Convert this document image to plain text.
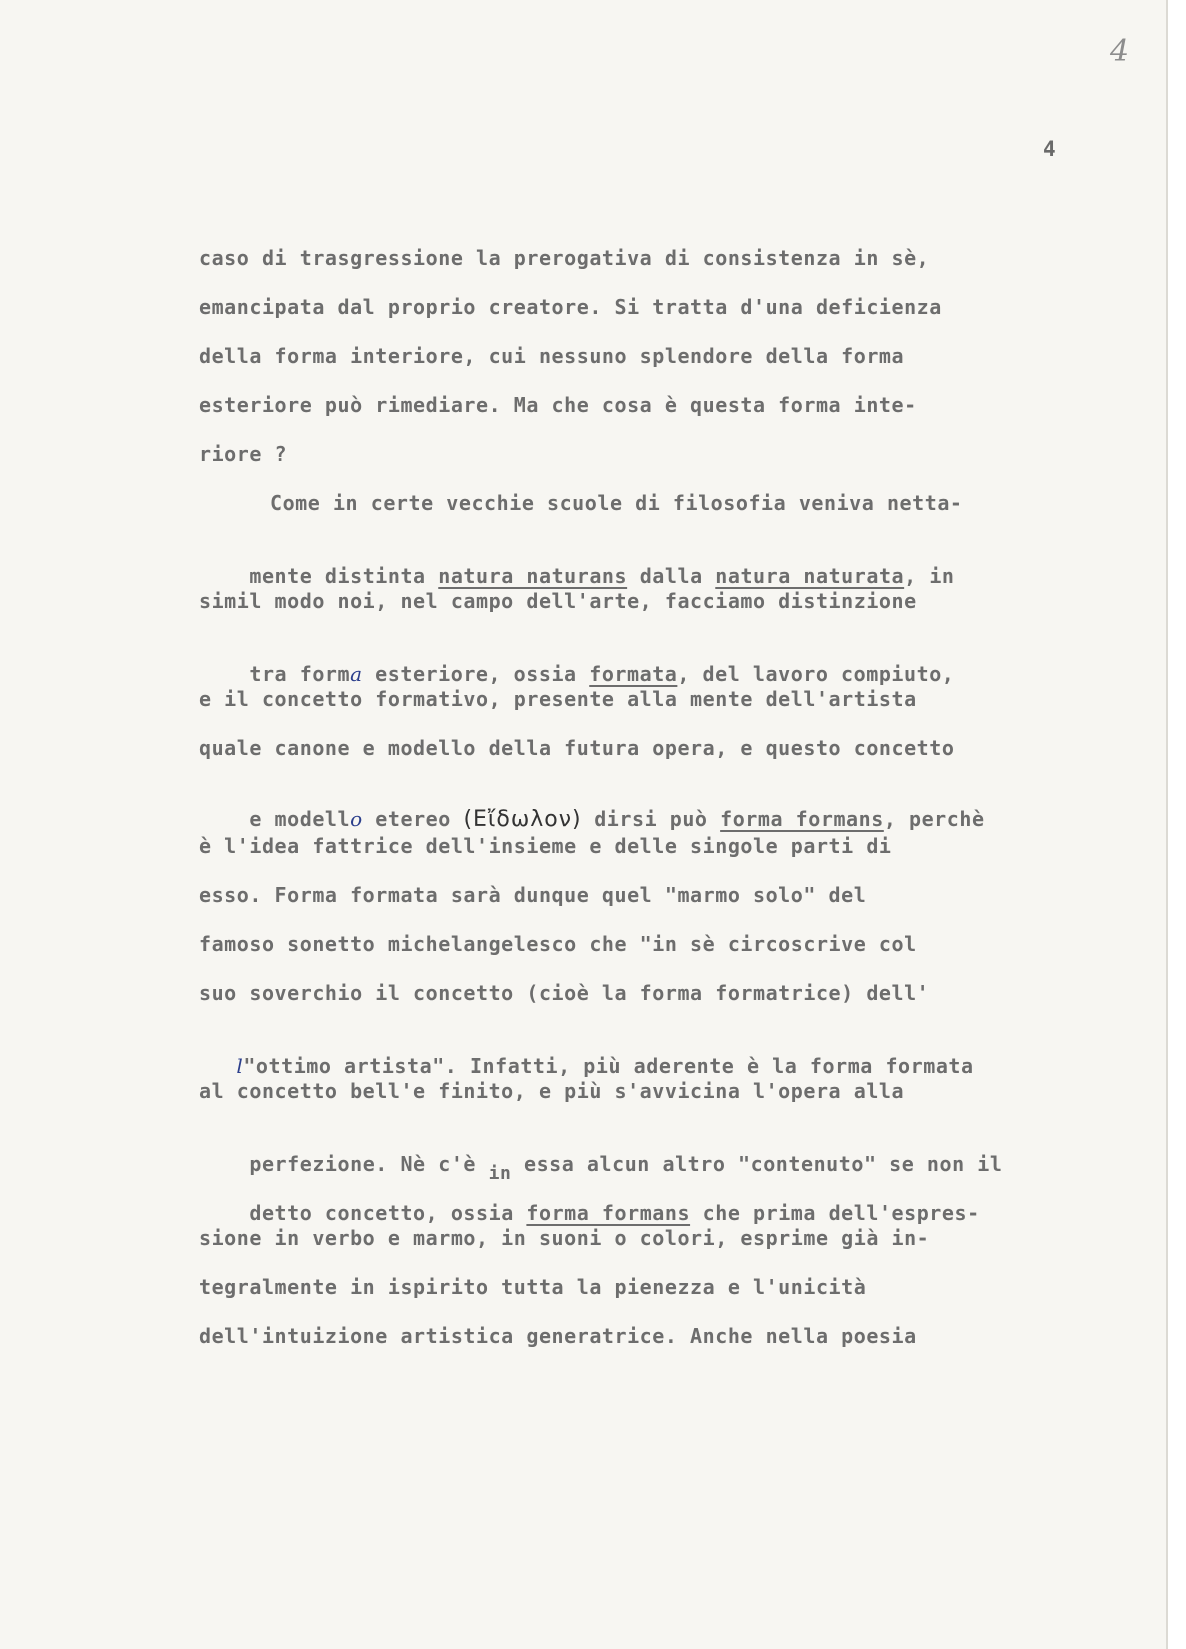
4
4
caso di trasgressione la prerogativa di consistenza in sè,
emancipata dal proprio creatore. Si tratta d'una deficienza
della forma interiore, cui nessuno splendore della forma
esteriore può rimediare. Ma che cosa è questa forma inte-
riore ?
Come in certe vecchie scuole di filosofia veniva netta-

mente distinta natura naturans dalla natura naturata, in

simil modo noi, nel campo dell'arte, facciamo distinzione

tra forma esteriore, ossia formata, del lavoro compiuto,

e il concetto formativo, presente alla mente dell'artista
quale canone e modello della futura opera, e questo concetto

e modello etereo (Εἴδωλον) dirsi può forma formans, perchè

è l'idea fattrice dell'insieme e delle singole parti di
esso. Forma formata sarà dunque quel "marmo solo" del
famoso sonetto michelangelesco che "in sè circoscrive col
suo soverchio il concetto (cioè la forma formatrice) dell'

l"ottimo artista". Infatti, più aderente è la forma formata

al concetto bell'e finito, e più s'avvicina l'opera alla

perfezione. Nè c'è in essa alcun altro "contenuto" se non il

detto concetto, ossia forma formans che prima dell'espres-

sione in verbo e marmo, in suoni o colori, esprime già in-
tegralmente in ispirito tutta la pienezza e l'unicità
dell'intuizione artistica generatrice. Anche nella poesia
